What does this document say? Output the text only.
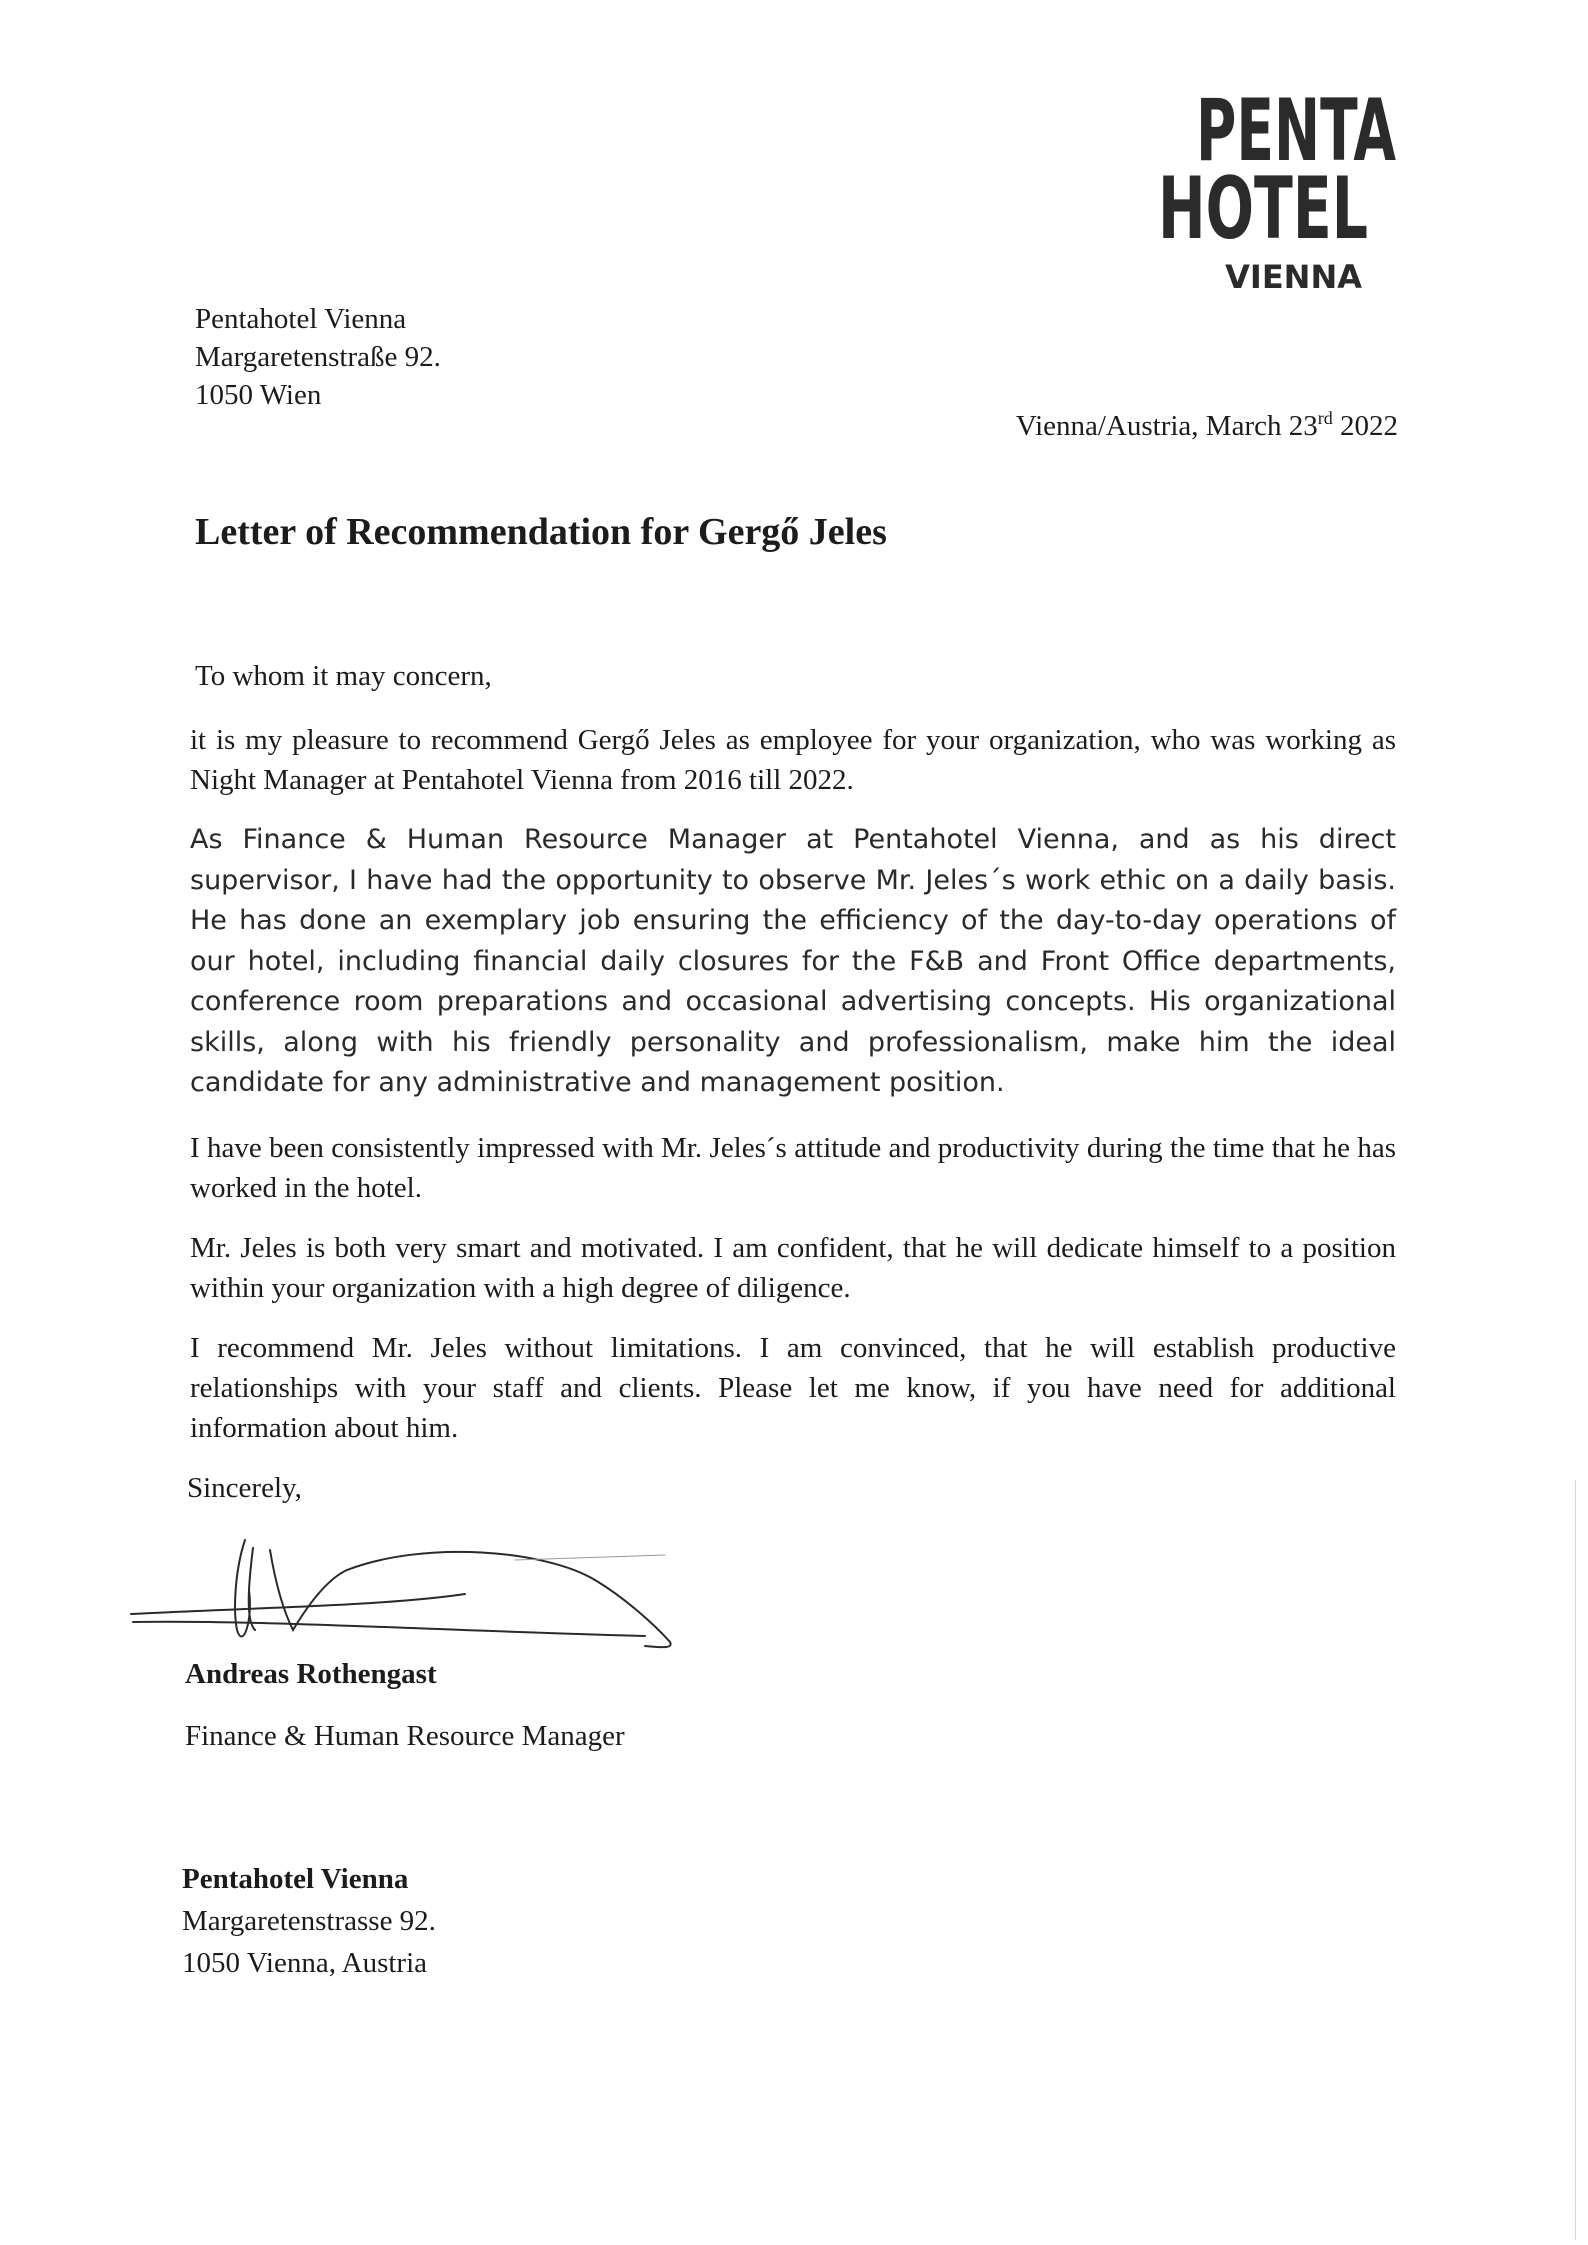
PENTA
HOTEL
VIENNA
Pentahotel Vienna
Margaretenstraße 92.
1050 Wien
Vienna/Austria, March 23rd 2022
Letter of Recommendation for Gergő Jeles
To whom it may concern,
it is my pleasure to recommend Gergő Jeles as employee for your organization, who was working as Night Manager at Pentahotel Vienna from 2016 till 2022.
As Finance & Human Resource Manager at Pentahotel Vienna, and as his direct supervisor, I have had the opportunity to observe Mr. Jeles´s work ethic on a daily basis. He has done an exemplary job ensuring the efficiency of the day-to-day operations of our hotel, including financial daily closures for the F&B and Front Office departments, conference room preparations and occasional advertising concepts. His organizational skills, along with his friendly personality and professionalism, make him the ideal candidate for any administrative and management position.
I have been consistently impressed with Mr. Jeles´s attitude and productivity during the time that he has worked in the hotel.
Mr. Jeles is both very smart and motivated. I am confident, that he will dedicate himself to a position within your organization with a high degree of diligence.
I recommend Mr. Jeles without limitations. I am convinced, that he will establish productive relationships with your staff and clients. Please let me know, if you have need for additional information about him.
Sincerely,
Andreas Rothengast
Finance & Human Resource Manager
Pentahotel Vienna
Margaretenstrasse 92.
1050 Vienna, Austria
